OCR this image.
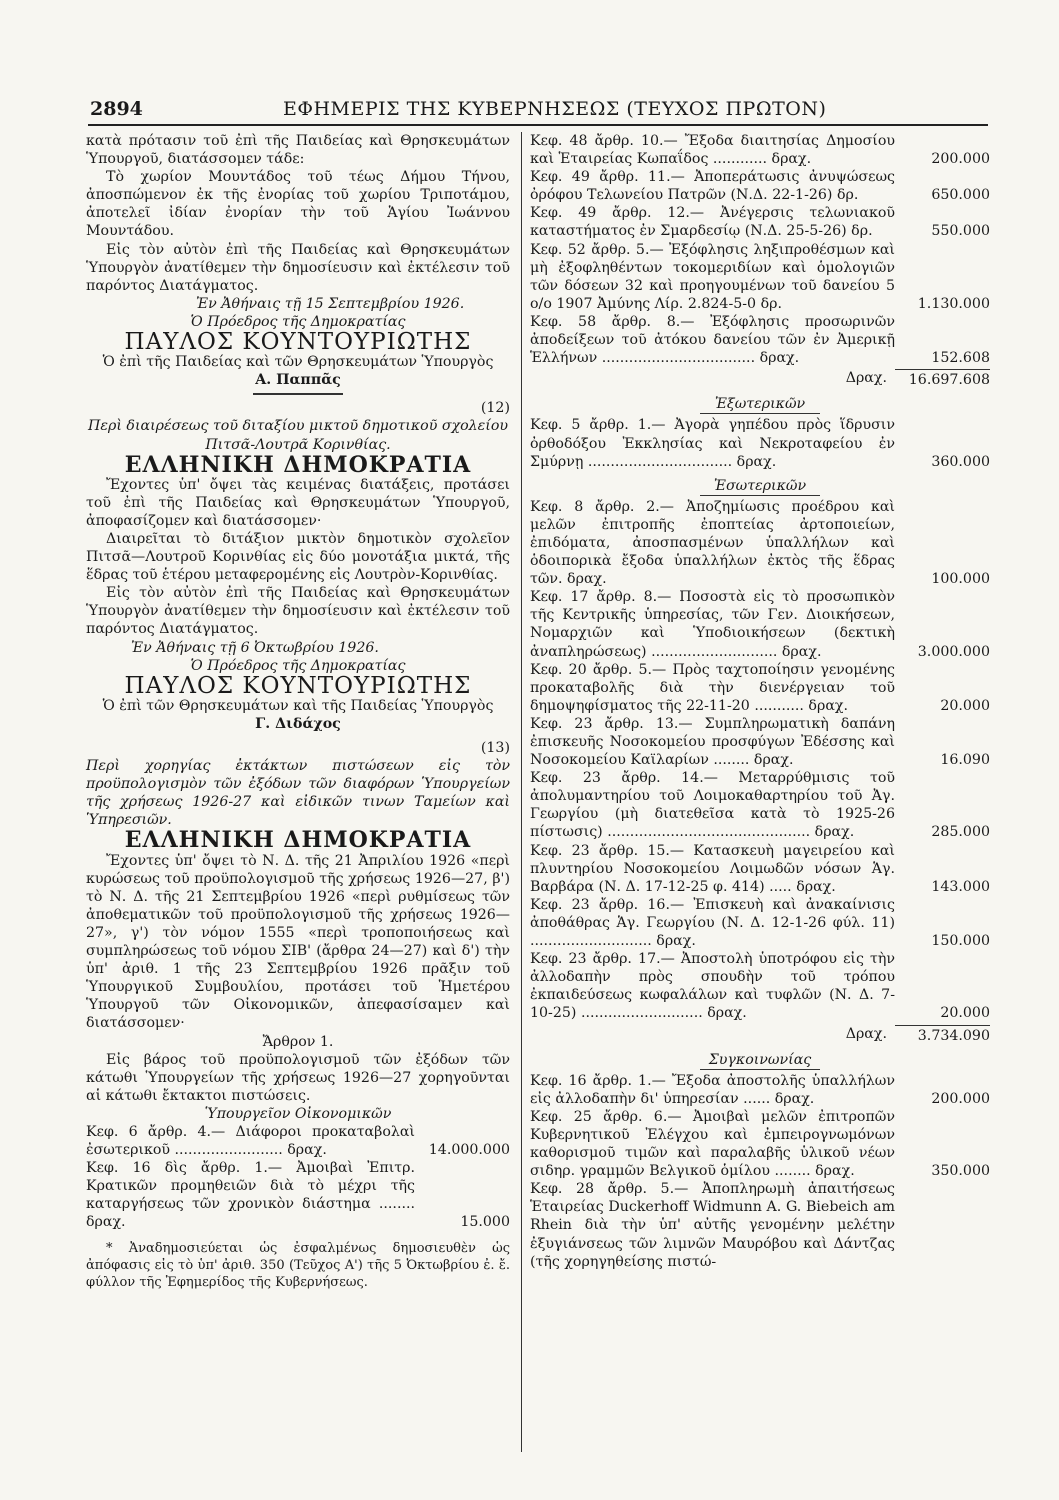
2894	ΕΦΗΜΕΡΙΣ ΤΗΣ ΚΥΒΕΡΝΗΣΕΩΣ (ΤΕΥΧΟΣ ΠΡΩΤΟΝ)

κατὰ πρότασιν τοῦ ἐπὶ τῆς Παιδείας καὶ Θρησκευμάτων Ὑπουργοῦ, διατάσσομεν τάδε:

Τὸ χωρίον Μουντάδος τοῦ τέως Δήμου Τήνου, ἀποσπώμενον ἐκ τῆς ἐνορίας τοῦ χωρίου Τριποτάμου, ἀποτελεῖ ἰδίαν ἐνορίαν τὴν τοῦ Ἁγίου Ἰωάννου Μουντάδου.

Εἰς τὸν αὐτὸν ἐπὶ τῆς Παιδείας καὶ Θρησκευμάτων Ὑπουργὸν ἀνατίθεμεν τὴν δημοσίευσιν καὶ ἐκτέλεσιν τοῦ παρόντος Διατάγματος.

Ἐν Ἀθήναις τῇ 15 Σεπτεμβρίου 1926.

Ὁ Πρόεδρος τῆς Δημοκρατίας

ΠΑΥΛΟΣ ΚΟΥΝΤΟΥΡΙΩΤΗΣ

Ὁ ἐπὶ τῆς Παιδείας καὶ τῶν Θρησκευμάτων Ὑπουργὸς

Α. Παππᾶς

(12)

Περὶ διαιρέσεως τοῦ διταξίου μικτοῦ δημοτικοῦ σχολείου Πιτσᾶ-Λουτρᾶ Κορινθίας.

ΕΛΛΗΝΙΚΗ ΔΗΜΟΚΡΑΤΙΑ

Ἔχοντες ὑπ' ὄψει τὰς κειμένας διατάξεις, προτάσει τοῦ ἐπὶ τῆς Παιδείας καὶ Θρησκευμάτων Ὑπουργοῦ, ἀποφασίζομεν καὶ διατάσσομεν·

Διαιρεῖται τὸ διτάξιον μικτὸν δημοτικὸν σχολεῖον Πιτσᾶ—Λουτροῦ Κορινθίας εἰς δύο μονοτάξια μικτά, τῆς ἕδρας τοῦ ἑτέρου μεταφερομένης εἰς Λουτρὸν-Κορινθίας.

Εἰς τὸν αὐτὸν ἐπὶ τῆς Παιδείας καὶ Θρησκευμάτων Ὑπουργὸν ἀνατίθεμεν τὴν δημοσίευσιν καὶ ἐκτέλεσιν τοῦ παρόντος Διατάγματος.

Ἐν Ἀθήναις τῇ 6 Ὀκτωβρίου 1926.

Ὁ Πρόεδρος τῆς Δημοκρατίας

ΠΑΥΛΟΣ ΚΟΥΝΤΟΥΡΙΩΤΗΣ

Ὁ ἐπὶ τῶν Θρησκευμάτων καὶ τῆς Παιδείας Ὑπουργὸς

Γ. Διδάχος

(13)

Περὶ χορηγίας ἐκτάκτων πιστώσεων εἰς τὸν προϋπολογισμὸν τῶν ἐξόδων τῶν διαφόρων Ὑπουργείων τῆς χρήσεως 1926-27 καὶ εἰδικῶν τινων Ταμείων καὶ Ὑπηρεσιῶν.

ΕΛΛΗΝΙΚΗ ΔΗΜΟΚΡΑΤΙΑ

Ἔχοντες ὑπ' ὄψει τὸ Ν. Δ. τῆς 21 Ἀπριλίου 1926 «περὶ κυρώσεως τοῦ προϋπολογισμοῦ τῆς χρήσεως 1926—27, β') τὸ Ν. Δ. τῆς 21 Σεπτεμβρίου 1926 «περὶ ρυθμίσεως τῶν ἀποθεματικῶν τοῦ προϋπολογισμοῦ τῆς χρήσεως 1926—27», γ') τὸν νόμον 1555 «περὶ τροποποιήσεως καὶ συμπληρώσεως τοῦ νόμου ΣΙΒ' (ἄρθρα 24—27) καὶ δ') τὴν ὑπ' ἀριθ. 1 τῆς 23 Σεπτεμβρίου 1926 πρᾶξιν τοῦ Ὑπουργικοῦ Συμβουλίου, προτάσει τοῦ Ἡμετέρου Ὑπουργοῦ τῶν Οἰκονομικῶν, ἀπεφασίσαμεν καὶ διατάσσομεν·

Ἄρθρον 1.

Εἰς βάρος τοῦ προϋπολογισμοῦ τῶν ἐξόδων τῶν κάτωθι Ὑπουργείων τῆς χρήσεως 1926—27 χορηγοῦνται αἱ κάτωθι ἔκτακτοι πιστώσεις.

Ὑπουργεῖον Οἰκονομικῶν

Κεφ. 6 ἄρθρ. 4.— Διάφοροι προκαταβολαὶ ἐσωτερικοῦ ........................ δραχ.	14.000.000
Κεφ. 16 δὶς ἄρθρ. 1.— Ἀμοιβαὶ Ἐπιτρ. Κρατικῶν προμηθειῶν διὰ τὸ μέχρι τῆς καταργήσεως τῶν χρονικὸν διάστημα ........ δραχ.	15.000

* Ἀναδημοσιεύεται ὡς ἐσφαλμένως δημοσιευθὲν ὡς ἀπόφασις εἰς τὸ ὑπ' ἀριθ. 350 (Τεῦχος Α') τῆς 5 Ὀκτωβρίου ἐ. ἔ. φύλλον τῆς Ἐφημερίδος τῆς Κυβερνήσεως.

Κεφ. 48 ἄρθρ. 10.— Ἔξοδα διαιτησίας Δημοσίου καὶ Ἑταιρείας Κωπαΐδος ............ δραχ.	200.000
Κεφ. 49 ἄρθρ. 11.— Ἀποπεράτωσις ἀνυψώσεως ὀρόφου Τελωνείου Πατρῶν (Ν.Δ. 22-1-26) δρ.	650.000
Κεφ. 49 ἄρθρ. 12.— Ἀνέγερσις τελωνιακοῦ καταστήματος ἐν Σμαρδεσίῳ (Ν.Δ. 25-5-26) δρ.	550.000
Κεφ. 52 ἄρθρ. 5.— Ἐξόφλησις ληξιπροθέσμων καὶ μὴ ἐξοφληθέντων τοκομεριδίων καὶ ὁμολογιῶν τῶν δόσεων 32 καὶ προηγουμένων τοῦ δανείου 5 ο/ο 1907 Ἀμύνης Λίρ. 2.824-5-0 δρ.	1.130.000
Κεφ. 58 ἄρθρ. 8.— Ἐξόφλησις προσωρινῶν ἀποδείξεων τοῦ ἀτόκου δανείου τῶν ἐν Ἀμερικῇ Ἑλλήνων .................................. δραχ.	152.608
Δραχ.	16.697.608

Ἐξωτερικῶν

Κεφ. 5 ἄρθρ. 1.— Ἀγορὰ γηπέδου πρὸς ἵδρυσιν ὀρθοδόξου Ἐκκλησίας καὶ Νεκροταφείου ἐν Σμύρνῃ ................................ δραχ.	360.000

Ἐσωτερικῶν

Κεφ. 8 ἄρθρ. 2.— Ἀποζημίωσις προέδρου καὶ μελῶν ἐπιτροπῆς ἐποπτείας ἀρτοποιείων, ἐπιδόματα, ἀποσπασμένων ὑπαλλήλων καὶ ὁδοιπορικὰ ἔξοδα ὑπαλλήλων ἐκτὸς τῆς ἕδρας τῶν. δραχ.	100.000
Κεφ. 17 ἄρθρ. 8.— Ποσοστὰ εἰς τὸ προσωπικὸν τῆς Κεντρικῆς ὑπηρεσίας, τῶν Γεν. Διοικήσεων, Νομαρχιῶν καὶ Ὑποδιοικήσεων (δεκτικὴ ἀναπληρώσεως) ............................ δραχ.	3.000.000
Κεφ. 20 ἄρθρ. 5.— Πρὸς ταχτοποίησιν γενομένης προκαταβολῆς διὰ τὴν διενέργειαν τοῦ δημοψηφίσματος τῆς 22-11-20 ........... δραχ.	20.000
Κεφ. 23 ἄρθρ. 13.— Συμπληρωματικὴ δαπάνη ἐπισκευῆς Νοσοκομείου προσφύγων Ἐδέσσης καὶ Νοσοκομείου Καϊλαρίων ........ δραχ.	16.090
Κεφ. 23 ἄρθρ. 14.— Μεταρρύθμισις τοῦ ἀπολυμαντηρίου τοῦ Λοιμοκαθαρτηρίου τοῦ Ἀγ. Γεωργίου (μὴ διατεθεῖσα κατὰ τὸ 1925-26 πίστωσις) ............................................. δραχ.	285.000
Κεφ. 23 ἄρθρ. 15.— Κατασκευὴ μαγειρείου καὶ πλυντηρίου Νοσοκομείου Λοιμωδῶν νόσων Ἁγ. Βαρβάρα (Ν. Δ. 17-12-25 φ. 414) ..... δραχ.	143.000
Κεφ. 23 ἄρθρ. 16.— Ἐπισκευὴ καὶ ἀνακαίνισις ἀποθάθρας Ἁγ. Γεωργίου (Ν. Δ. 12-1-26 φύλ. 11) ........................... δραχ.	150.000
Κεφ. 23 ἄρθρ. 17.— Ἀποστολὴ ὑποτρόφου εἰς τὴν ἀλλοδαπὴν πρὸς σπουδὴν τοῦ τρόπου ἐκπαιδεύσεως κωφαλάλων καὶ τυφλῶν (Ν. Δ. 7-10-25) ........................... δραχ.	20.000
Δραχ.	3.734.090

Συγκοινωνίας

Κεφ. 16 ἄρθρ. 1.— Ἔξοδα ἀποστολῆς ὑπαλλήλων εἰς ἀλλοδαπὴν δι' ὑπηρεσίαν ...... δραχ.	200.000
Κεφ. 25 ἄρθρ. 6.— Ἀμοιβαὶ μελῶν ἐπιτροπῶν Κυβερνητικοῦ Ἐλέγχου καὶ ἐμπειρογνωμόνων καθορισμοῦ τιμῶν καὶ παραλαβῆς ὑλικοῦ νέων σιδηρ. γραμμῶν Βελγικοῦ ὁμίλου ........ δραχ.	350.000
Κεφ. 28 ἄρθρ. 5.— Ἀποπληρωμὴ ἀπαιτήσεως Ἑταιρείας Duckerhoff Widmunn A. G. Biebeich am Rhein διὰ τὴν ὑπ' αὐτῆς γενομένην μελέτην ἐξυγιάνσεως τῶν λιμνῶν Μαυρόβου καὶ Δάντζας (τῆς χορηγηθείσης πιστώ-
